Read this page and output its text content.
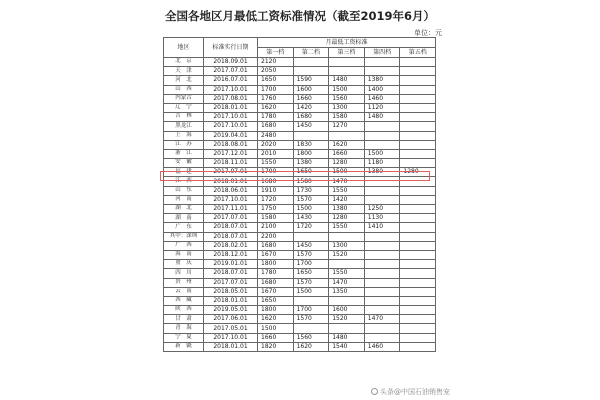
全国各地区月最低工资标准情况（截至2019年6月）
单位：元
地区	标准实行日期	月最低工资标准				
		第一档	第二档	第三档	第四档	第五档
北　京	2018.09.01	2120				
天　津	2017.07.01	2050				
河　北	2016.07.01	1650	1590	1480	1380	
山　西	2017.10.01	1700	1600	1500	1400	
内蒙古	2017.08.01	1760	1660	1560	1460	
辽　宁	2018.01.01	1620	1420	1300	1120	
吉　林	2017.10.01	1780	1680	1580	1480	
黑龙江	2017.10.01	1680	1450	1270		
上　海	2019.04.01	2480				
江　苏	2018.08.01	2020	1830	1620		
浙　江	2017.12.01	2010	1800	1660	1500	
安　徽	2018.11.01	1550	1380	1280	1180	
福　建	2017.07.01	1700	1650	1500	1380	1280
江　西	2018.01.01	1680	1580	1470		
山　东	2018.06.01	1910	1730	1550		
河　南	2017.10.01	1720	1570	1420		
湖　北	2017.11.01	1750	1500	1380	1250	
湖　南	2017.07.01	1580	1430	1280	1130	
广　东	2018.07.01	2100	1720	1550	1410	
其中：深圳	2018.07.01	2200				
广　西	2018.02.01	1680	1450	1300		
海　南	2018.12.01	1670	1570	1520		
重　庆	2019.01.01	1800	1700			
四　川	2018.07.01	1780	1650	1550		
贵　州	2017.07.01	1680	1570	1470		
云　南	2018.05.01	1670	1500	1350		
西　藏	2018.01.01	1650				
陕　西	2019.05.01	1800	1700	1600		
甘　肃	2017.06.01	1620	1570	1520	1470	
青　海	2017.05.01	1500				
宁　夏	2017.10.01	1660	1560	1480		
新　疆	2018.01.01	1820	1620	1540	1460	
头条@中国石油销售宠
